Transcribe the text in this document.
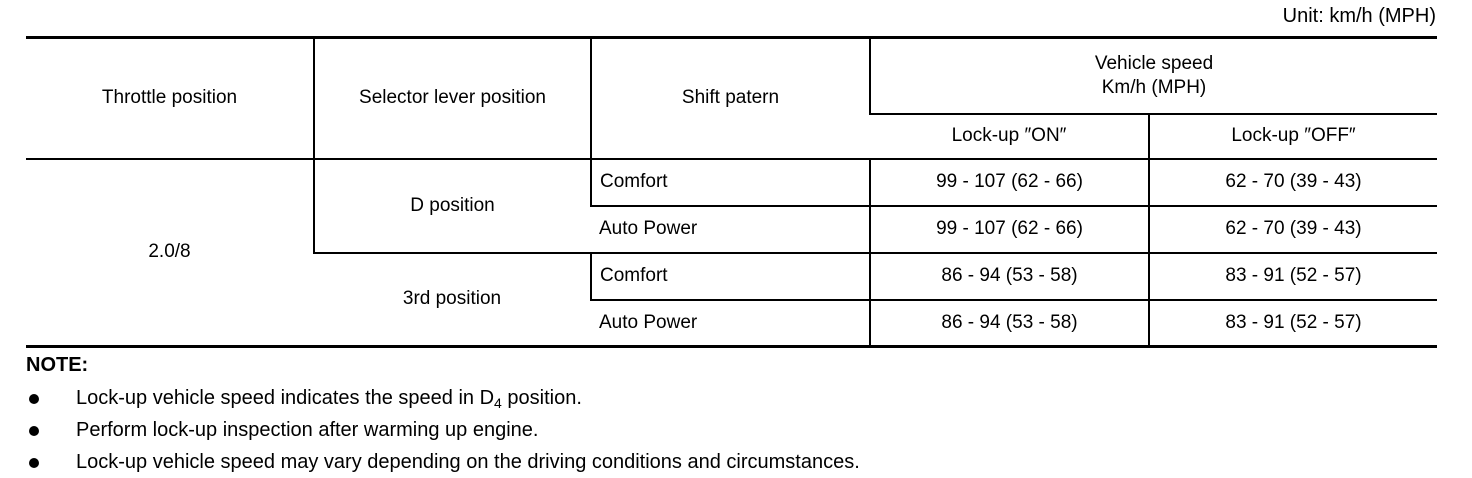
Unit: km/h (MPH)
Throttle position	Selector lever position	Shift patern	Vehicle speed
Km/h (MPH)	

			Lock-up ″ON″	Lock-up ″OFF″
2.0/8	D position	Comfort	99 - 107 (62 - 66)	62 - 70 (39 - 43)
		Auto Power	99 - 107 (62 - 66)	62 - 70 (39 - 43)
	3rd position	Comfort	86 - 94 (53 - 58)	83 - 91 (52 - 57)
		Auto Power	86 - 94 (53 - 58)	83 - 91 (52 - 57)
NOTE:
Lock-up vehicle speed indicates the speed in $D_4$ position.
Perform lock-up inspection after warming up engine.
Lock-up vehicle speed may vary depending on the driving conditions and circumstances.
